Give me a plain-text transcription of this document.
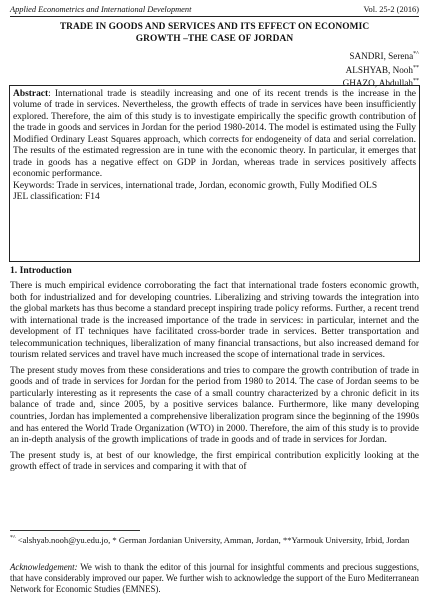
Applied Econometrics and International Development	Vol. 25-2 (2016)
TRADE IN GOODS AND SERVICES AND ITS EFFECT ON ECONOMIC
GROWTH –THE CASE OF JORDAN
SANDRI, Serena*^
ALSHYAB, Nooh**
GHAZO, Abdullah**

Abstract: International trade is steadily increasing and one of its recent trends is the increase in the volume of trade in services. Nevertheless, the growth effects of trade in services have been insufficiently explored. Therefore, the aim of this study is to investigate empirically the specific growth contribution of the trade in goods and services in Jordan for the period 1980-2014. The model is estimated using the Fully Modified Ordinary Least Squares approach, which corrects for endogeneity of data and serial correlation. The results of the estimated regression are in tune with the economic theory. In particular, it emerges that trade in goods has a negative effect on GDP in Jordan, whereas trade in services positively affects economic performance.

Keywords: Trade in services, international trade, Jordan, economic growth, Fully Modified OLS

JEL classification: F14

1. Introduction

There is much empirical evidence corroborating the fact that international trade fosters economic growth, both for industrialized and for developing countries. Liberalizing and striving towards the integration into the global markets has thus become a standard precept inspiring trade policy reforms. Further, a recent trend with international trade is the increased importance of the trade in services: in particular, internet and the development of IT techniques have facilitated cross-border trade in services. Better transportation and telecommunication techniques, liberalization of many financial transactions, but also increased demand for tourism related services and travel have much increased the scope of international trade in services.

The present study moves from these considerations and tries to compare the growth contribution of trade in goods and of trade in services for Jordan for the period from 1980 to 2014. The case of Jordan seems to be particularly interesting as it represents the case of a small country characterized by a chronic deficit in its balance of trade and, since 2005, by a positive services balance. Furthermore, like many developing countries, Jordan has implemented a comprehensive liberalization program since the beginning of the 1990s and has entered the World Trade Organization (WTO) in 2000. Therefore, the aim of this study is to provide an in-depth analysis of the growth implications of trade in goods and of trade in services for Jordan.

The present study is, at best of our knowledge, the first empirical contribution explicitly looking at the growth effect of trade in services and comparing it with that of

*^ <alshyab.nooh@yu.edu.jo, * German Jordanian University, Amman, Jordan, **Yarmouk University, Irbid, Jordan
Acknowledgement: We wish to thank the editor of this journal for insightful comments and precious suggestions, that have considerably improved our paper. We further wish to acknowledge the support of the Euro Mediterranean Network for Economic Studies (EMNES).
